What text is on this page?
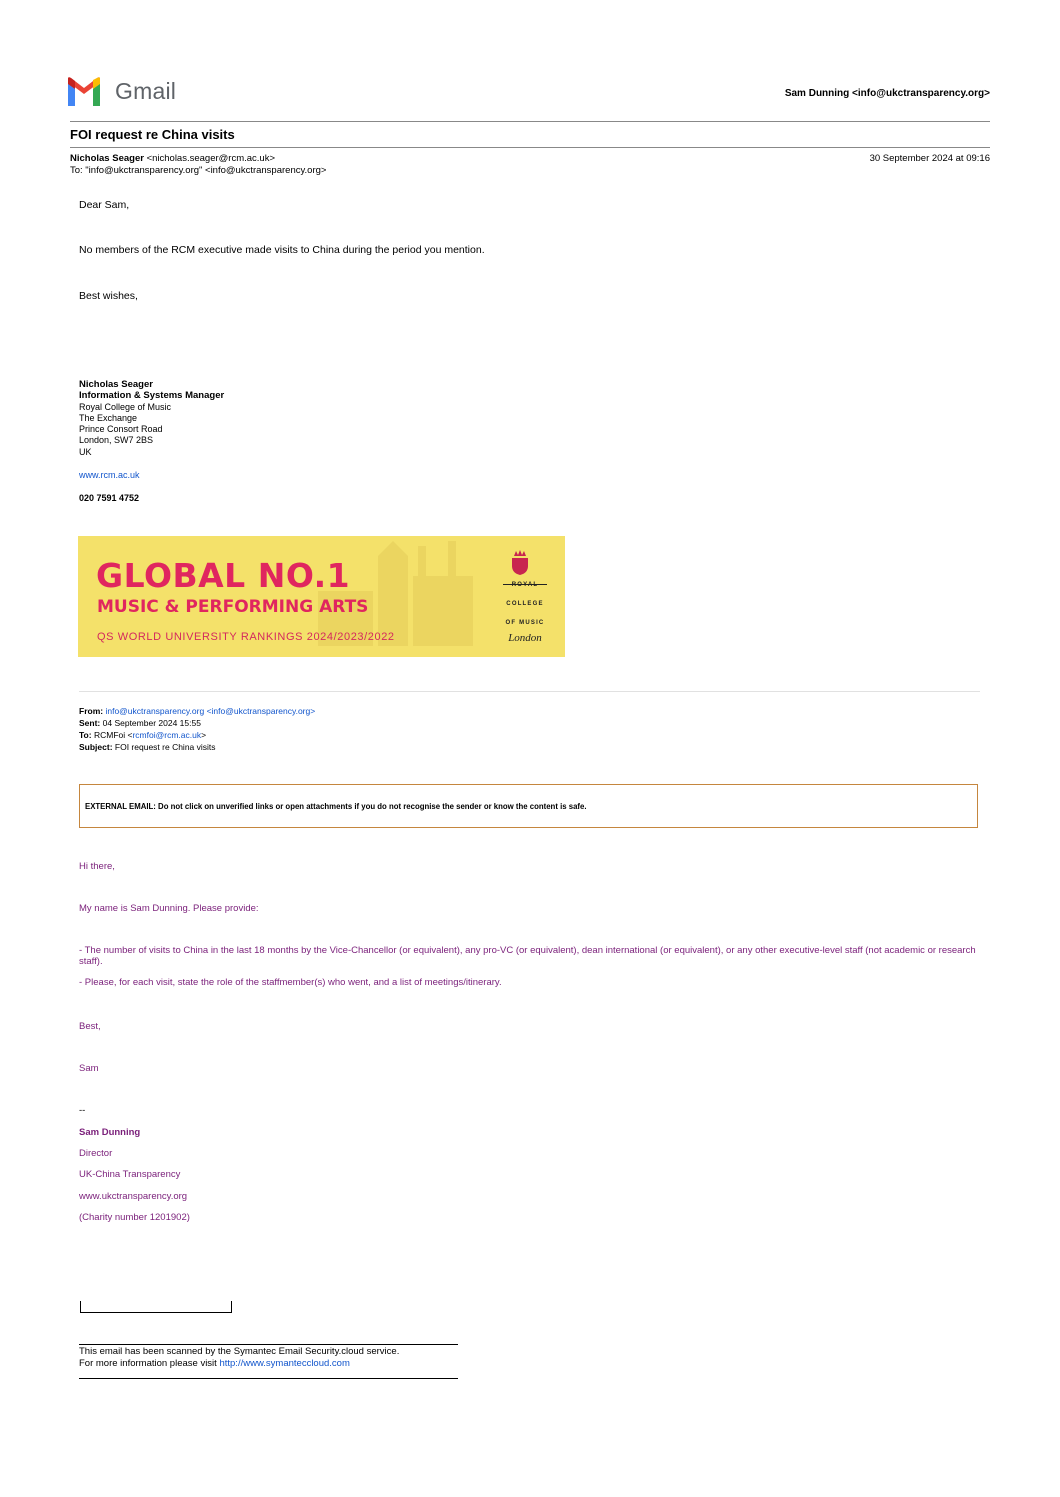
Gmail	Sam Dunning <info@ukctransparency.org>
FOI request re China visits
Nicholas Seager <nicholas.seager@rcm.ac.uk>
To: "info@ukctransparency.org" <info@ukctransparency.org>
30 September 2024 at 09:16
Dear Sam,
No members of the RCM executive made visits to China during the period you mention.
Best wishes,
Nicholas Seager
Information & Systems Manager
Royal College of Music
The Exchange
Prince Consort Road
London, SW7 2BS
UK
www.rcm.ac.uk
020 7591 4752
GLOBAL NO.1
MUSIC & PERFORMING ARTS
QS WORLD UNIVERSITY RANKINGS 2024/2023/2022
ROYAL
COLLEGE
OF MUSIC
London
From: info@ukctransparency.org <info@ukctransparency.org>
Sent: 04 September 2024 15:55
To: RCMFoi <rcmfoi@rcm.ac.uk>
Subject: FOI request re China visits
EXTERNAL EMAIL: Do not click on unverified links or open attachments if you do not recognise the sender or know the content is safe.
Hi there,
My name is Sam Dunning. Please provide:
- The number of visits to China in the last 18 months by the Vice-Chancellor (or equivalent), any pro-VC (or equivalent), dean international (or equivalent), or any other executive-level staff (not academic or research staff).
- Please, for each visit, state the role of the staffmember(s) who went, and a list of meetings/itinerary.
Best,
Sam
--
Sam Dunning
Director
UK-China Transparency
www.ukctransparency.org
(Charity number 1201902)
This email has been scanned by the Symantec Email Security.cloud service.
For more information please visit http://www.symanteccloud.com
